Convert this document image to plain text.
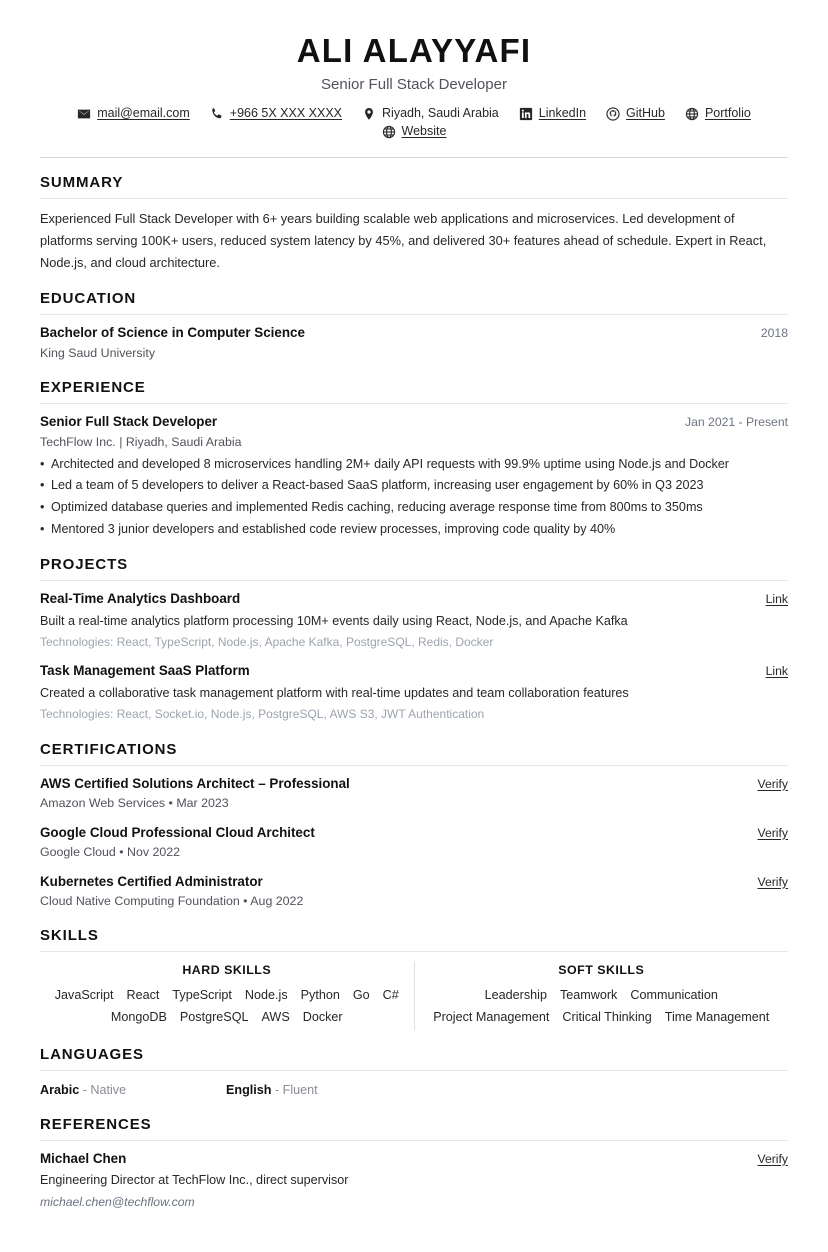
ALI ALAYYAFI
Senior Full Stack Developer
mail@email.com	+966 5X XXX XXXX	Riyadh, Saudi Arabia	LinkedIn	GitHub	Portfolio
Website
SUMMARY

Experienced Full Stack Developer with 6+ years building scalable web applications and microservices. Led development of platforms serving 100K+ users, reduced system latency by 45%, and delivered 30+ features ahead of schedule. Expert in React, Node.js, and cloud architecture.

EDUCATION
Bachelor of Science in Computer Science	2018
King Saud University
EXPERIENCE
Senior Full Stack Developer	Jan 2021 - Present
TechFlow Inc. | Riyadh, Saudi Arabia
• Architected and developed 8 microservices handling 2M+ daily API requests with 99.9% uptime using Node.js and Docker
• Led a team of 5 developers to deliver a React-based SaaS platform, increasing user engagement by 60% in Q3 2023
• Optimized database queries and implemented Redis caching, reducing average response time from 800ms to 350ms
• Mentored 3 junior developers and established code review processes, improving code quality by 40%
PROJECTS
Real-Time Analytics Dashboard	Link
Built a real-time analytics platform processing 10M+ events daily using React, Node.js, and Apache Kafka
Technologies: React, TypeScript, Node.js, Apache Kafka, PostgreSQL, Redis, Docker
Task Management SaaS Platform	Link
Created a collaborative task management platform with real-time updates and team collaboration features
Technologies: React, Socket.io, Node.js, PostgreSQL, AWS S3, JWT Authentication
CERTIFICATIONS
AWS Certified Solutions Architect – Professional	Verify
Amazon Web Services • Mar 2023
Google Cloud Professional Cloud Architect	Verify
Google Cloud • Nov 2022
Kubernetes Certified Administrator	Verify
Cloud Native Computing Foundation • Aug 2022
SKILLS
HARD SKILLS
JavaScript React TypeScript Node.js Python Go C#
MongoDB PostgreSQL AWS Docker
SOFT SKILLS
Leadership Teamwork Communication
Project Management Critical Thinking Time Management
LANGUAGES
Arabic - Native	English - Fluent
REFERENCES
Michael Chen	Verify
Engineering Director at TechFlow Inc., direct supervisor
michael.chen@techflow.com
